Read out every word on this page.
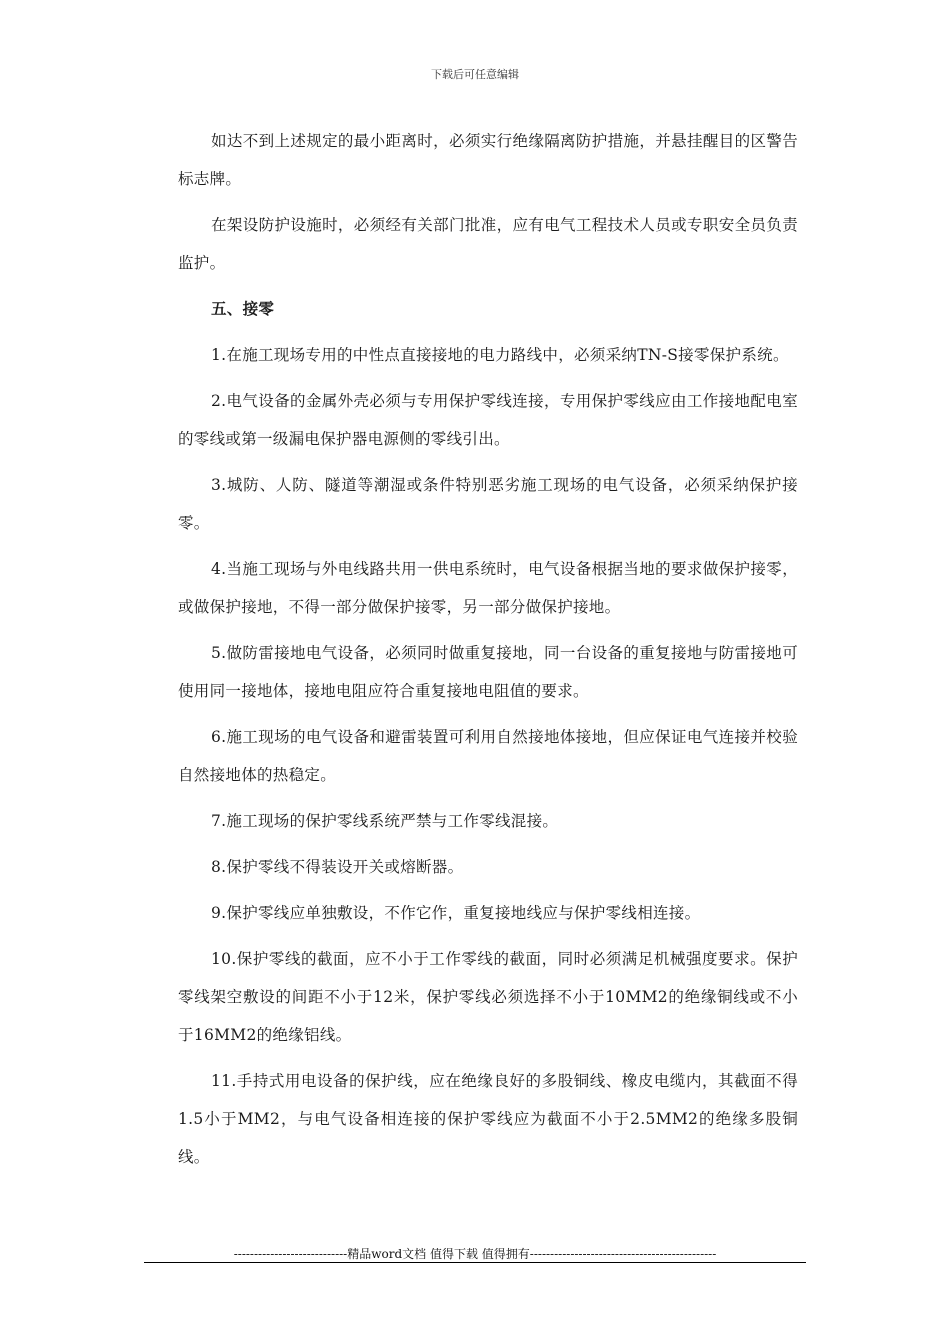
下载后可任意编辑

如达不到上述规定的最小距离时，必须实行绝缘隔离防护措施，并悬挂醒目的区警告标志牌。

在架设防护设施时，必须经有关部门批准，应有电气工程技术人员或专职安全员负责监护。

五、接零

1.在施工现场专用的中性点直接接地的电力路线中，必须采纳TN-S接零保护系统。

2.电气设备的金属外壳必须与专用保护零线连接，专用保护零线应由工作接地配电室的零线或第一级漏电保护器电源侧的零线引出。

3.城防、人防、隧道等潮湿或条件特别恶劣施工现场的电气设备，必须采纳保护接零。

4.当施工现场与外电线路共用一供电系统时，电气设备根据当地的要求做保护接零，或做保护接地，不得一部分做保护接零，另一部分做保护接地。

5.做防雷接地电气设备，必须同时做重复接地，同一台设备的重复接地与防雷接地可使用同一接地体，接地电阻应符合重复接地电阻值的要求。

6.施工现场的电气设备和避雷装置可利用自然接地体接地，但应保证电气连接并校验自然接地体的热稳定。

7.施工现场的保护零线系统严禁与工作零线混接。

8.保护零线不得装设开关或熔断器。

9.保护零线应单独敷设，不作它作，重复接地线应与保护零线相连接。

10.保护零线的截面，应不小于工作零线的截面，同时必须满足机械强度要求。保护零线架空敷设的间距不小于12米，保护零线必须选择不小于10MM2的绝缘铜线或不小于16MM2的绝缘铝线。

11.手持式用电设备的保护线，应在绝缘良好的多股铜线、橡皮电缆内，其截面不得1.5小于MM2，与电气设备相连接的保护零线应为截面不小于2.5MM2的绝缘多股铜线。

----------------------------精品word文档 值得下载 值得拥有----------------------------------------------
